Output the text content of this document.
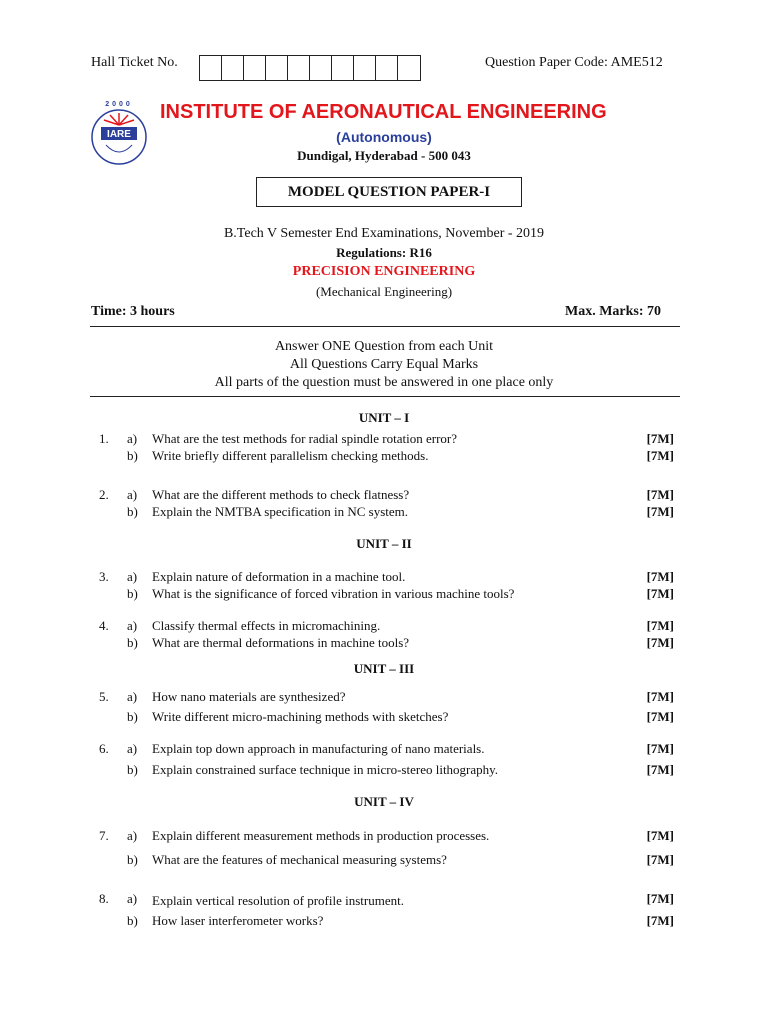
Hall Ticket No.	Question Paper Code: AME512
2000
IARE
INSTITUTE OF AERONAUTICAL ENGINEERING
(Autonomous)
Dundigal, Hyderabad - 500 043
MODEL QUESTION PAPER-I
B.Tech V Semester End Examinations, November - 2019
Regulations: R16
PRECISION ENGINEERING
(Mechanical Engineering)
Time: 3 hours	Max. Marks: 70
Answer ONE Question from each Unit
All Questions Carry Equal Marks
All parts of the question must be answered in one place only
UNIT – I
1. a) What are the test methods for radial spindle rotation error?	[7M]
b) Write briefly different parallelism checking methods.	[7M]
2. a) What are the different methods to check flatness?	[7M]
b) Explain the NMTBA specification in NC system.	[7M]
UNIT – II
3. a) Explain nature of deformation in a machine tool.	[7M]
b) What is the significance of forced vibration in various machine tools?	[7M]
4. a) Classify thermal effects in micromachining.	[7M]
b) What are thermal deformations in machine tools?	[7M]
UNIT – III
5. a) How nano materials are synthesized?	[7M]
b) Write different micro-machining methods with sketches?	[7M]
6. a) Explain top down approach in manufacturing of nano materials.	[7M]
b) Explain constrained surface technique in micro-stereo lithography.	[7M]
UNIT – IV
7. a) Explain different measurement methods in production processes.	[7M]
b) What are the features of mechanical measuring systems?	[7M]
8. a) Explain vertical resolution of profile instrument.	[7M]
b) How laser interferometer works?	[7M]
